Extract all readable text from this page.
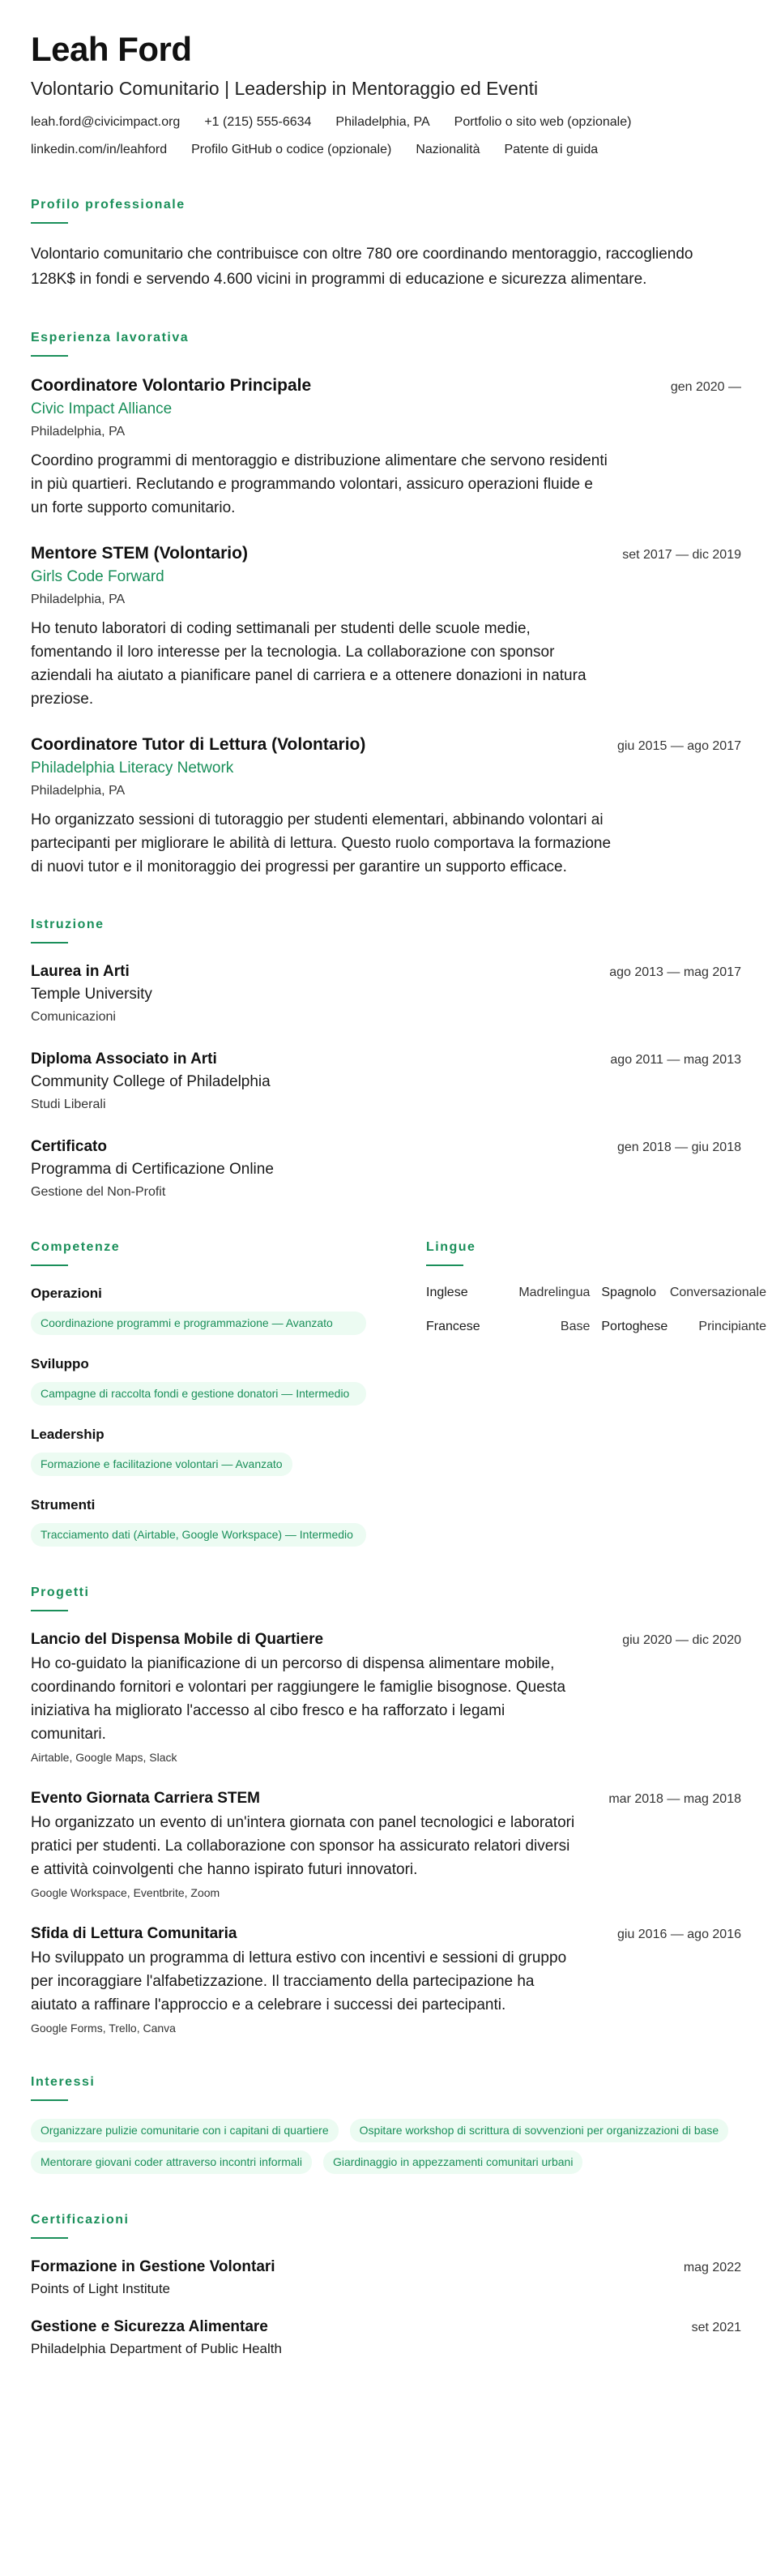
Leah Ford
Volontario Comunitario | Leadership in Mentoraggio ed Eventi
leah.ford@civicimpact.org +1 (215) 555-6634 Philadelphia, PA Portfolio o sito web (opzionale)
linkedin.com/in/leahford Profilo GitHub o codice (opzionale) Nazionalità Patente di guida
Profilo professionale

Volontario comunitario che contribuisce con oltre 780 ore coordinando mentoraggio, raccogliendo 128K$ in fondi e servendo 4.600 vicini in programmi di educazione e sicurezza alimentare.

Esperienza lavorativa
Coordinatore Volontario Principale	gen 2020 —
Civic Impact Alliance
Philadelphia, PA

Coordino programmi di mentoraggio e distribuzione alimentare che servono residenti in più quartieri. Reclutando e programmando volontari, assicuro operazioni fluide e un forte supporto comunitario.

Mentore STEM (Volontario)	set 2017 — dic 2019
Girls Code Forward
Philadelphia, PA

Ho tenuto laboratori di coding settimanali per studenti delle scuole medie, fomentando il loro interesse per la tecnologia. La collaborazione con sponsor aziendali ha aiutato a pianificare panel di carriera e a ottenere donazioni in natura preziose.

Coordinatore Tutor di Lettura (Volontario)	giu 2015 — ago 2017
Philadelphia Literacy Network
Philadelphia, PA

Ho organizzato sessioni di tutoraggio per studenti elementari, abbinando volontari ai partecipanti per migliorare le abilità di lettura. Questo ruolo comportava la formazione di nuovi tutor e il monitoraggio dei progressi per garantire un supporto efficace.

Istruzione
Laurea in Arti	ago 2013 — mag 2017
Temple University
Comunicazioni
Diploma Associato in Arti	ago 2011 — mag 2013
Community College of Philadelphia
Studi Liberali
Certificato	gen 2018 — giu 2018
Programma di Certificazione Online
Gestione del Non-Profit
Competenze
Operazioni
Coordinazione programmi e programmazione — Avanzato
Sviluppo
Campagne di raccolta fondi e gestione donatori — Intermedio
Leadership
Formazione e facilitazione volontari — Avanzato
Strumenti
Tracciamento dati (Airtable, Google Workspace) — Intermedio
Lingue
Inglese	Madrelingua	Spagnolo	Conversazionale
Francese	Base	Portoghese	Principiante
Progetti
Lancio del Dispensa Mobile di Quartiere	giu 2020 — dic 2020

Ho co-guidato la pianificazione di un percorso di dispensa alimentare mobile, coordinando fornitori e volontari per raggiungere le famiglie bisognose. Questa iniziativa ha migliorato l'accesso al cibo fresco e ha rafforzato i legami comunitari.

Airtable, Google Maps, Slack
Evento Giornata Carriera STEM	mar 2018 — mag 2018

Ho organizzato un evento di un'intera giornata con panel tecnologici e laboratori pratici per studenti. La collaborazione con sponsor ha assicurato relatori diversi e attività coinvolgenti che hanno ispirato futuri innovatori.

Google Workspace, Eventbrite, Zoom
Sfida di Lettura Comunitaria	giu 2016 — ago 2016

Ho sviluppato un programma di lettura estivo con incentivi e sessioni di gruppo per incoraggiare l'alfabetizzazione. Il tracciamento della partecipazione ha aiutato a raffinare l'approccio e a celebrare i successi dei partecipanti.

Google Forms, Trello, Canva
Interessi
Organizzare pulizie comunitarie con i capitani di quartiere	Ospitare workshop di scrittura di sovvenzioni per organizzazioni di base
Mentorare giovani coder attraverso incontri informali	Giardinaggio in appezzamenti comunitari urbani
Certificazioni
Formazione in Gestione Volontari	mag 2022
Points of Light Institute
Gestione e Sicurezza Alimentare	set 2021
Philadelphia Department of Public Health
